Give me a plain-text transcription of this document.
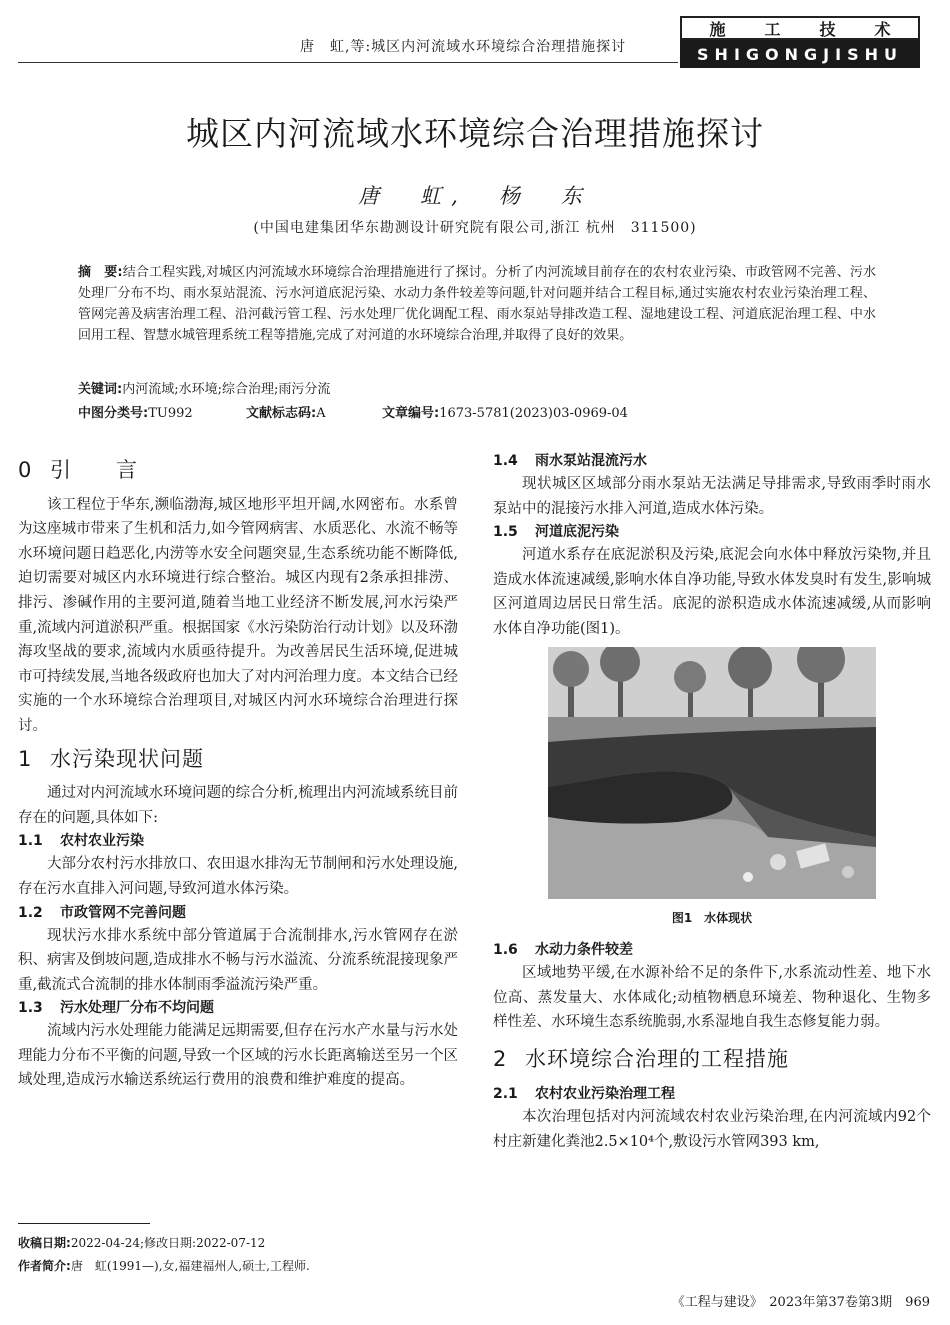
唐　虹,等:城区内河流域水环境综合治理措施探讨
施 工 技 术
SHIGONGJISHU
城区内河流域水环境综合治理措施探讨
唐　虹,　杨　东
(中国电建集团华东勘测设计研究院有限公司,浙江 杭州　311500)
摘　要:结合工程实践,对城区内河流域水环境综合治理措施进行了探讨。分析了内河流域目前存在的农村农业污染、市政管网不完善、污水处理厂分布不均、雨水泵站混流、污水河道底泥污染、水动力条件较差等问题,针对问题并结合工程目标,通过实施农村农业污染治理工程、管网完善及病害治理工程、沿河截污管工程、污水处理厂优化调配工程、雨水泵站导排改造工程、湿地建设工程、河道底泥治理工程、中水回用工程、智慧水城管理系统工程等措施,完成了对河道的水环境综合治理,并取得了良好的效果。
关键词:内河流域;水环境;综合治理;雨污分流
中图分类号:TU992	文献标志码:A	文章编号:1673-5781(2023)03-0969-04
0 引　　言

该工程位于华东,濒临渤海,城区地形平坦开阔,水网密布。水系曾为这座城市带来了生机和活力,如今管网病害、水质恶化、水流不畅等水环境问题日趋恶化,内涝等水安全问题突显,生态系统功能不断降低,迫切需要对城区内水环境进行综合整治。城区内现有2条承担排涝、排污、渗碱作用的主要河道,随着当地工业经济不断发展,河水污染严重,流域内河道淤积严重。根据国家《水污染防治行动计划》以及环渤海攻坚战的要求,流域内水质亟待提升。为改善居民生活环境,促进城市可持续发展,当地各级政府也加大了对内河治理力度。本文结合已经实施的一个水环境综合治理项目,对城区内河水环境综合治理进行探讨。

1 水污染现状问题

通过对内河流域水环境问题的综合分析,梳理出内河流域系统目前存在的问题,具体如下:

1.1 农村农业污染

大部分农村污水排放口、农田退水排沟无节制闸和污水处理设施,存在污水直排入河问题,导致河道水体污染。

1.2 市政管网不完善问题

现状污水排水系统中部分管道属于合流制排水,污水管网存在淤积、病害及倒坡问题,造成排水不畅与污水溢流、分流系统混接现象严重,截流式合流制的排水体制雨季溢流污染严重。

1.3 污水处理厂分布不均问题

流域内污水处理能力能满足远期需要,但存在污水产水量与污水处理能力分布不平衡的问题,导致一个区域的污水长距离输送至另一个区域处理,造成污水输送系统运行费用的浪费和维护难度的提高。

1.4 雨水泵站混流污水

现状城区区域部分雨水泵站无法满足导排需求,导致雨季时雨水泵站中的混接污水排入河道,造成水体污染。

1.5 河道底泥污染

河道水系存在底泥淤积及污染,底泥会向水体中释放污染物,并且造成水体流速减缓,影响水体自净功能,导致水体发臭时有发生,影响城区河道周边居民日常生活。底泥的淤积造成水体流速减缓,从而影响水体自净功能(图1)。

图1　水体现状
1.6 水动力条件较差

区域地势平缓,在水源补给不足的条件下,水系流动性差、地下水位高、蒸发量大、水体咸化;动植物栖息环境差、物种退化、生物多样性差、水环境生态系统脆弱,水系湿地自我生态修复能力弱。

2 水环境综合治理的工程措施
2.1 农村农业污染治理工程

本次治理包括对内河流域农村农业污染治理,在内河流域内92个村庄新建化粪池2.5×10⁴个,敷设污水管网393 km,

收稿日期:2022-04-24;修改日期:2022-07-12
作者简介:唐　虹(1991—),女,福建福州人,硕士,工程师.
《工程与建设》　2023年第37卷第3期　969
